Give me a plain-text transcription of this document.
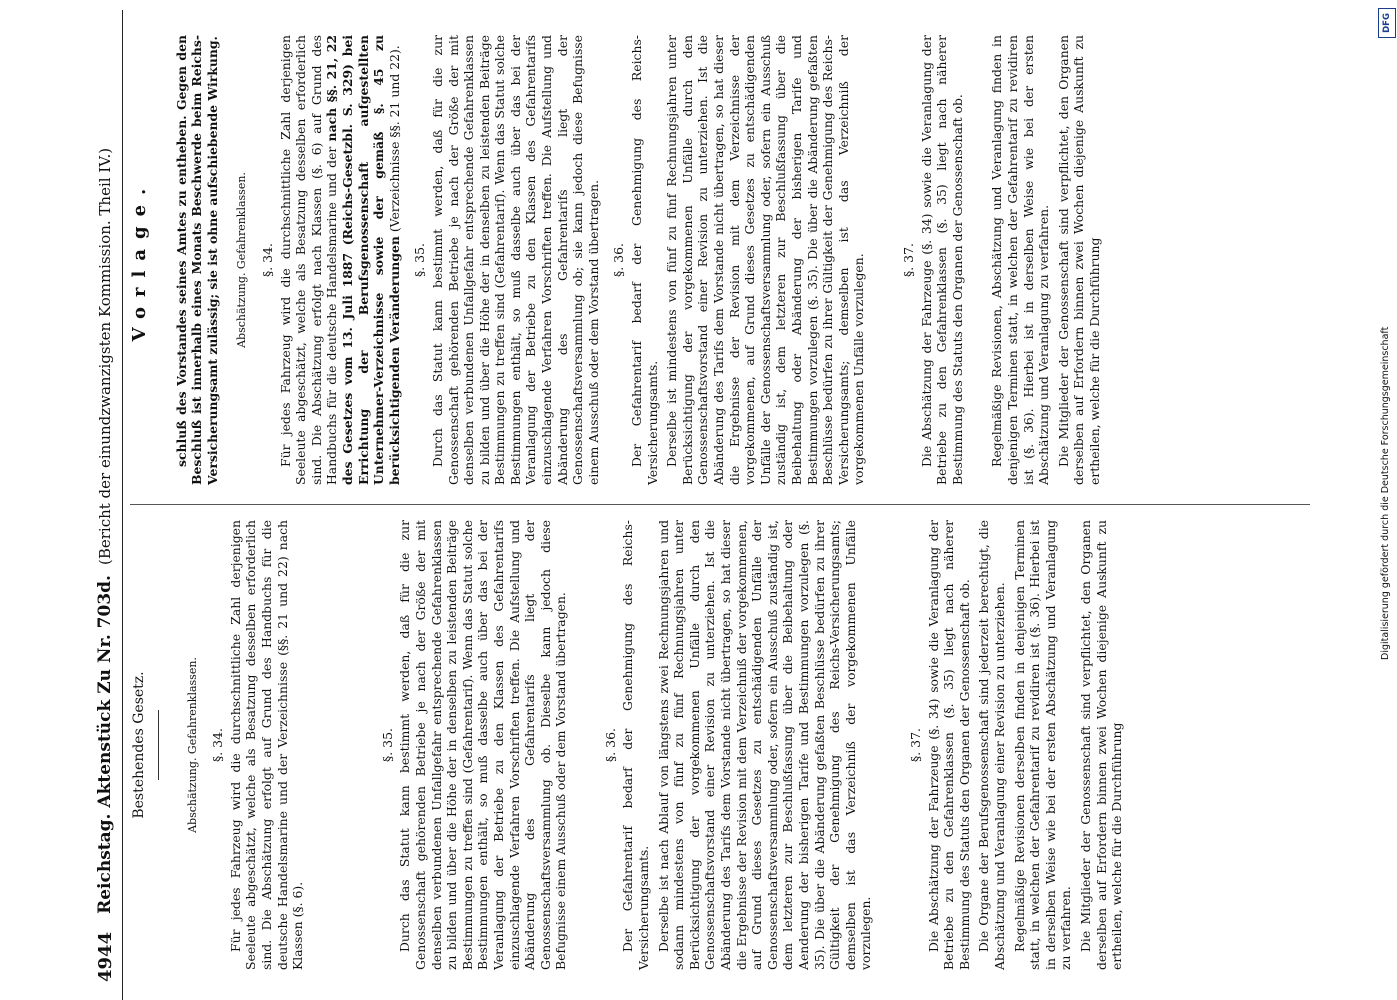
4944
Reichstag. Aktenstück Zu Nr. 703d.
(Bericht der einundzwanzigsten Kommission. Theil IV.)
Bestehendes Gesetz.	Abschätzung. Gefahrenklassen. §. 34. Für jedes Fahrzeug wird die durchschnittliche Zahl derjenigen Seeleute abgeschätzt, welche als Besatzung desselben erforderlich sind. Die Abschätzung erfolgt auf Grund des Handbuchs für die deutsche Handelsmarine und der Verzeichnisse (§§. 21 und 22) nach Klassen (§. 6).

§. 35. Durch das Statut kann bestimmt werden, daß für die zur Genossenschaft gehörenden Betriebe je nach der Größe der mit denselben verbundenen Unfallgefahr entsprechende Gefahrenklassen zu bilden und über die Höhe der in denselben zu leistenden Beiträge Bestimmungen zu treffen sind (Gefahrentarif). Wenn das Statut solche Bestimmungen enthält, so muß dasselbe auch über das bei der Veranlagung der Betriebe zu den Klassen des Gefahrentarifs einzuschlagende Verfahren Vorschriften treffen. Die Aufstellung und Abänderung des Gefahrentarifs liegt der Genossenschaftsversammlung ob. Dieselbe kann jedoch diese Befugnisse einem Ausschuß oder dem Vorstand übertragen.	§. 36. Der Gefahrentarif bedarf der Genehmigung des Reichs-Versicherungsamts. Derselbe ist nach Ablauf von längstens zwei Rechnungsjahren und sodann mindestens von fünf zu fünf Rechnungsjahren unter Berücksichtigung der vorgekommenen Unfälle durch den Genossenschaftsvorstand einer Revision zu unterziehen. Ist die Abänderung des Tarifs dem Vorstande nicht übertragen, so hat dieser die Ergebnisse der Revision mit dem Verzeichniß der vorgekommenen, auf Grund dieses Gesetzes zu entschädigenden Unfälle der Genossenschaftsversammlung oder, sofern ein Ausschuß zuständig ist, dem letzteren zur Beschlußfassung über die Beibehaltung oder Aenderung der bisherigen Tarife und Bestimmungen vorzulegen (§. 35). Die über die Abänderung gefaßten Beschlüsse bedürfen zu ihrer Gültigkeit der Genehmigung des Reichs-Versicherungsamts; demselben ist das Verzeichniß der vorgekommenen Unfälle vorzulegen.

§. 37. Die Abschätzung der Fahrzeuge (§. 34) sowie die Veranlagung der Betriebe zu den Gefahrenklassen (§. 35) liegt nach näherer Bestimmung des Statuts den Organen der Genossenschaft ob. Die Organe der Berufsgenossenschaft sind jederzeit berechtigt, die Abschätzung und Veranlagung einer Revision zu unterziehen. Regelmäßige Revisionen derselben finden in denjenigen Terminen statt, in welchen der Gefahrentarif zu revidiren ist (§. 36). Hierbei ist in derselben Weise wie bei der ersten Abschätzung und Veranlagung zu verfahren. Die Mitglieder der Genossenschaft sind verpflichtet, den Organen derselben auf Erfordern binnen zwei Wochen diejenige Auskunft zu ertheilen, welche für die Durchführung

Vorlage. schluß des Vorstandes seines Amtes zu entheben. Gegen den Beschluß ist innerhalb eines Monats Beschwerde beim Reichs-Versicherungsamt zulässig; sie ist ohne aufschiebende Wirkung. Abschätzung. Gefahrenklassen. §. 34. Für jedes Fahrzeug wird die durchschnittliche Zahl derjenigen Seeleute abgeschätzt, welche als Besatzung desselben erforderlich sind. Die Abschätzung erfolgt nach Klassen (§. 6) auf Grund des Handbuchs für die deutsche Handelsmarine und der nach §§. 21, 22 des Gesetzes vom 13. Juli 1887 (Reichs-Gesetzbl. S. 329) bei Errichtung der Berufsgenossenschaft aufgestellten Unternehmer-Verzeichnisse sowie der gemäß §. 45 zu berücksichtigenden Veränderungen (Verzeichnisse §§. 21 und 22).

§. 35. Durch das Statut kann bestimmt werden, daß für die zur Genossenschaft gehörenden Betriebe je nach der Größe der mit denselben verbundenen Unfallgefahr entsprechende Gefahrenklassen zu bilden und über die Höhe der in denselben zu leistenden Beiträge Bestimmungen zu treffen sind (Gefahrentarif). Wenn das Statut solche Bestimmungen enthält, so muß dasselbe auch über das bei der Veranlagung der Betriebe zu den Klassen des Gefahrentarifs einzuschlagende Verfahren Vorschriften treffen. Die Aufstellung und Abänderung des Gefahrentarifs liegt der Genossenschaftsversammlung ob; sie kann jedoch diese Befugnisse einem Ausschuß oder dem Vorstand übertragen. §. 36. Der Gefahrentarif bedarf der Genehmigung des Reichs-Versicherungsamts. Derselbe ist mindestens von fünf zu fünf Rechnungsjahren unter Berücksichtigung der vorgekommenen Unfälle durch den Genossenschaftsvorstand einer Revision zu unterziehen. Ist die Abänderung des Tarifs dem Vorstande nicht übertragen, so hat dieser die Ergebnisse der Revision mit dem Verzeichnisse der vorgekommenen, auf Grund dieses Gesetzes zu entschädigenden Unfälle der Genossenschaftsversammlung oder, sofern ein Ausschuß zuständig ist, dem letzteren zur Beschlußfassung über die Beibehaltung oder Abänderung der bisherigen Tarife und Bestimmungen vorzulegen (§. 35). Die über die Abänderung gefaßten Beschlüsse bedürfen zu ihrer Gültigkeit der Genehmigung des Reichs-Versicherungsamts; demselben ist das Verzeichniß der vorgekommenen Unfälle vorzulegen.	§. 37. Die Abschätzung der Fahrzeuge (§. 34) sowie die Veranlagung der Betriebe zu den Gefahrenklassen (§. 35) liegt nach näherer Bestimmung des Statuts den Organen der Genossenschaft ob. Regelmäßige Revisionen, Abschätzung und Veranlagung finden in denjenigen Terminen statt, in welchen der Gefahrentarif zu revidiren ist (§. 36). Hierbei ist in derselben Weise wie bei der ersten Abschätzung und Veranlagung zu verfahren. Die Mitglieder der Genossenschaft sind verpflichtet, den Organen derselben auf Erfordern binnen zwei Wochen diejenige Auskunft zu ertheilen, welche für die Durchführung

DFG
Digitalisierung gefördert durch die Deutsche Forschungsgemeinschaft
